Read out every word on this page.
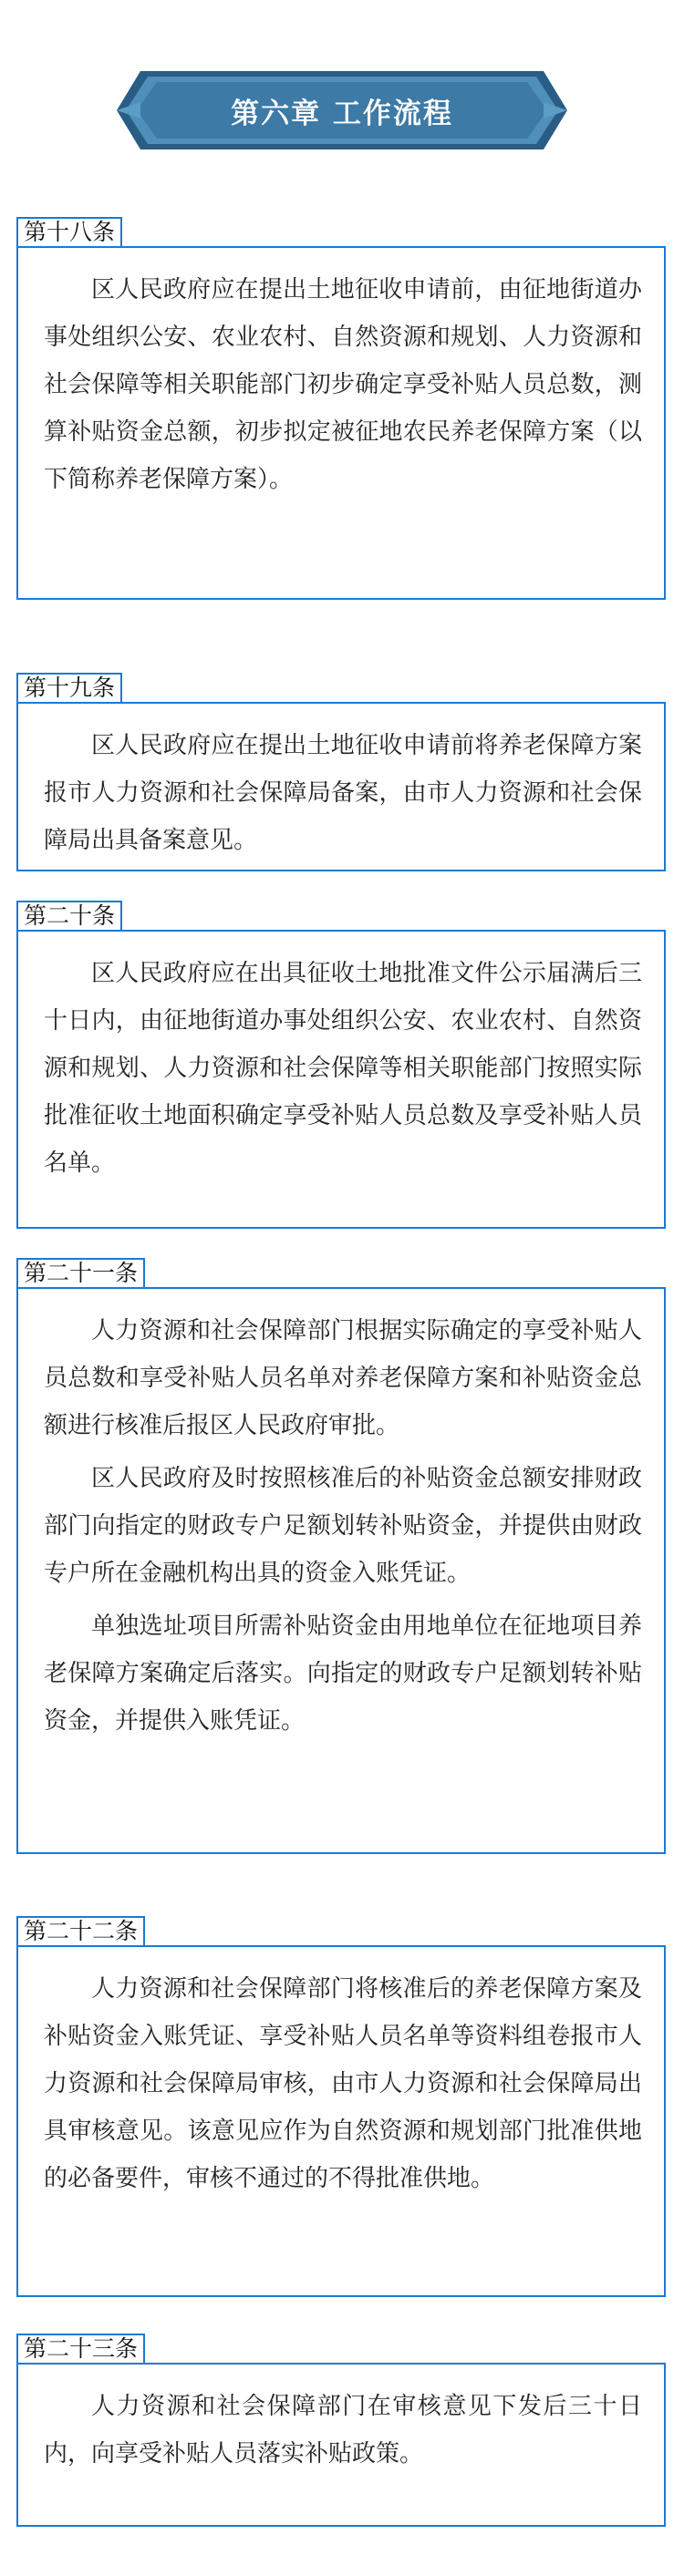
第六章 工作流程
第十八条

区人民政府应在提出土地征收申请前，由征地街道办事处组织公安、农业农村、自然资源和规划、人力资源和社会保障等相关职能部门初步确定享受补贴人员总数，测算补贴资金总额，初步拟定被征地农民养老保障方案（以下简称养老保障方案）。

第十九条

区人民政府应在提出土地征收申请前将养老保障方案报市人力资源和社会保障局备案，由市人力资源和社会保障局出具备案意见。

第二十条

区人民政府应在出具征收土地批准文件公示届满后三十日内，由征地街道办事处组织公安、农业农村、自然资源和规划、人力资源和社会保障等相关职能部门按照实际批准征收土地面积确定享受补贴人员总数及享受补贴人员名单。

第二十一条

人力资源和社会保障部门根据实际确定的享受补贴人员总数和享受补贴人员名单对养老保障方案和补贴资金总额进行核准后报区人民政府审批。

区人民政府及时按照核准后的补贴资金总额安排财政部门向指定的财政专户足额划转补贴资金，并提供由财政专户所在金融机构出具的资金入账凭证。

单独选址项目所需补贴资金由用地单位在征地项目养老保障方案确定后落实。向指定的财政专户足额划转补贴资金，并提供入账凭证。

第二十二条

人力资源和社会保障部门将核准后的养老保障方案及补贴资金入账凭证、享受补贴人员名单等资料组卷报市人力资源和社会保障局审核，由市人力资源和社会保障局出具审核意见。该意见应作为自然资源和规划部门批准供地的必备要件，审核不通过的不得批准供地。

第二十三条

人力资源和社会保障部门在审核意见下发后三十日内，向享受补贴人员落实补贴政策。
